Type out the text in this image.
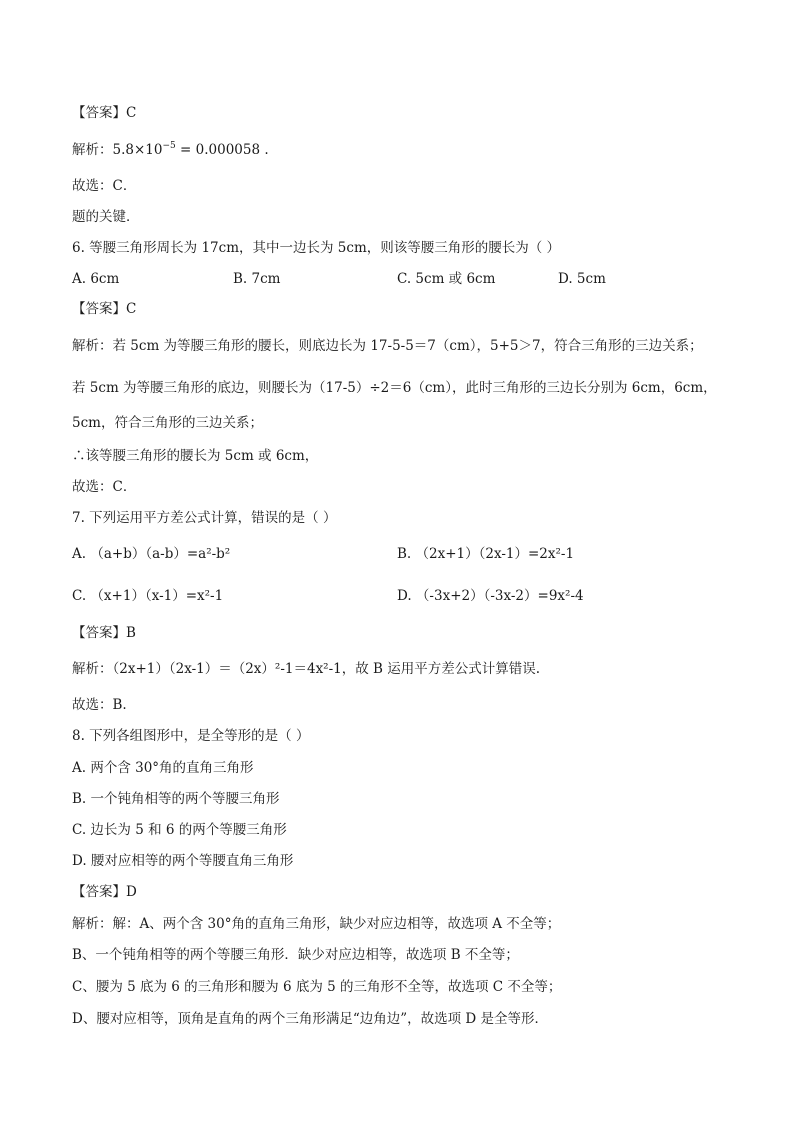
【答案】C
解析：$5.8\times 10^{-5} = 0.000058$ .
故选：C．
题的关键．
6. 等腰三角形周长为 17cm，其中一边长为 5cm，则该等腰三角形的腰长为（ ）
A. 6cm	B. 7cm	C. 5cm 或 6cm	D. 5cm
【答案】C
解析：若 5cm 为等腰三角形的腰长，则底边长为 17-5-5＝7（cm），5+5＞7，符合三角形的三边关系；
若 5cm 为等腰三角形的底边，则腰长为（17-5）÷2＝6（cm），此时三角形的三边长分别为 6cm，6cm，
5cm，符合三角形的三边关系；
∴该等腰三角形的腰长为 5cm 或 6cm，
故选：C．
7. 下列运用平方差公式计算，错误的是（ ）
A. （a+b）（a-b）=a²-b²	B. （2x+1）（2x-1）=2x²-1
C. （x+1）（x-1）=x²-1	D. （-3x+2）（-3x-2）=9x²-4
【答案】B
解析：（2x+1）（2x-1）＝（2x）²-1＝4x²-1，故 B 运用平方差公式计算错误.
故选：B.
8. 下列各组图形中，是全等形的是（ ）
A. 两个含 30°角的直角三角形
B. 一个钝角相等的两个等腰三角形
C. 边长为 5 和 6 的两个等腰三角形
D. 腰对应相等的两个等腰直角三角形
【答案】D
解析：解：A、两个含 30°角的直角三角形，缺少对应边相等，故选项 A 不全等；
B、一个钝角相等的两个等腰三角形．缺少对应边相等，故选项 B 不全等；
C、腰为 5 底为 6 的三角形和腰为 6 底为 5 的三角形不全等，故选项 C 不全等；
D、腰对应相等，顶角是直角的两个三角形满足“边角边”，故选项 D 是全等形．
